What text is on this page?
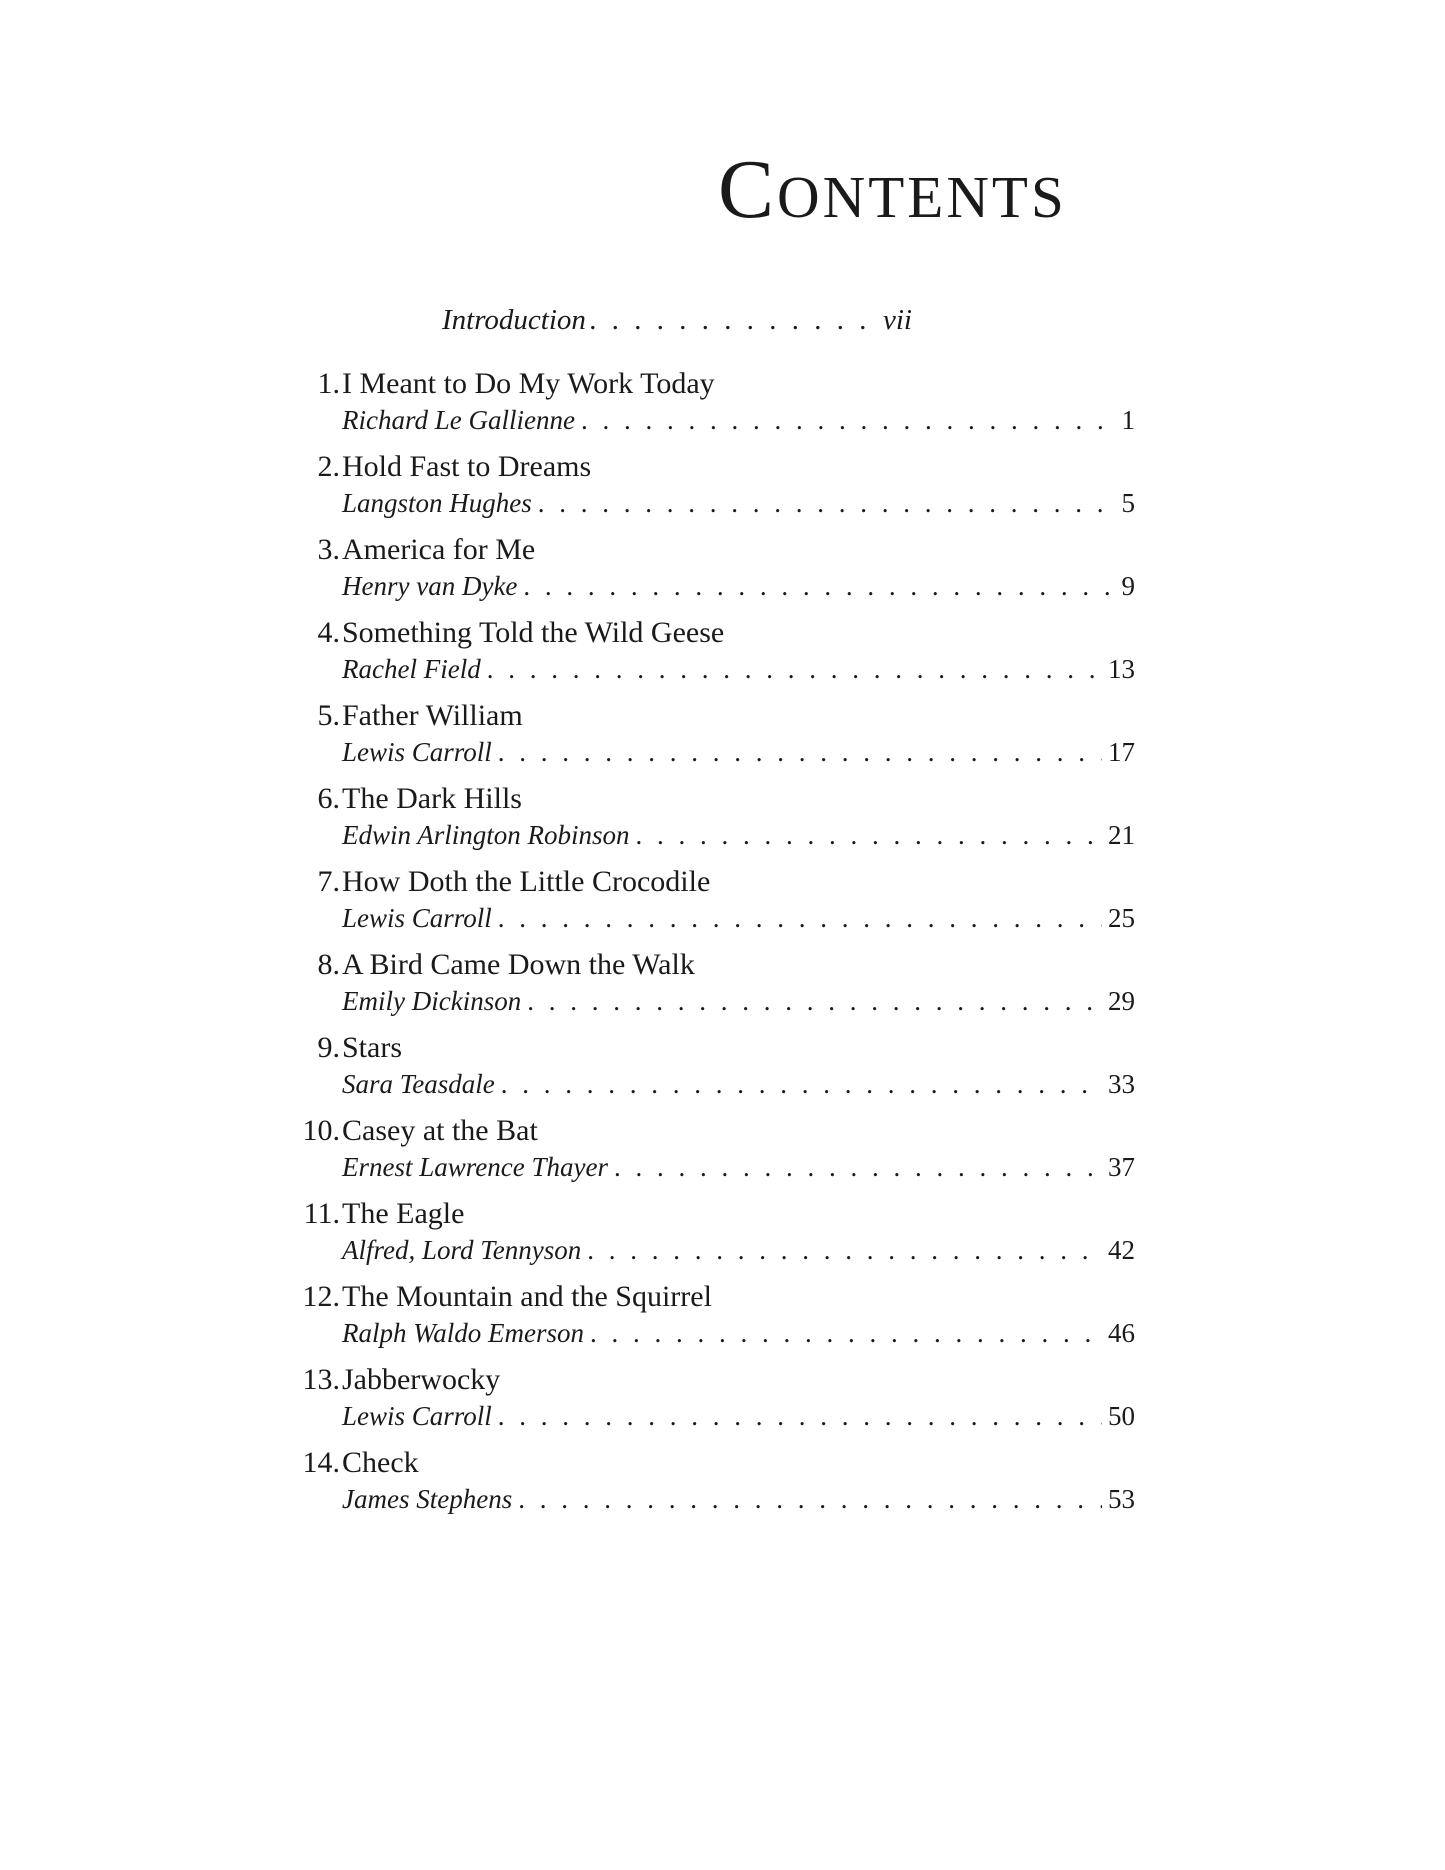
Contents
Introduction . . .	vii
1. I Meant to Do My Work Today
Richard Le Gallienne . . .	1
2. Hold Fast to Dreams
Langston Hughes . . .	5
3. America for Me
Henry van Dyke . . .	9
4. Something Told the Wild Geese
Rachel Field . . .	13
5. Father William
Lewis Carroll . . .	17
6. The Dark Hills
Edwin Arlington Robinson . . .	21
7. How Doth the Little Crocodile
Lewis Carroll . . .	25
8. A Bird Came Down the Walk
Emily Dickinson . . .	29
9. Stars
Sara Teasdale . . .	33
10. Casey at the Bat
Ernest Lawrence Thayer . . .	37
11. The Eagle
Alfred, Lord Tennyson . . .	42
12. The Mountain and the Squirrel
Ralph Waldo Emerson . . .	46
13. Jabberwocky
Lewis Carroll . . .	50
14. Check
James Stephens . . .	53
